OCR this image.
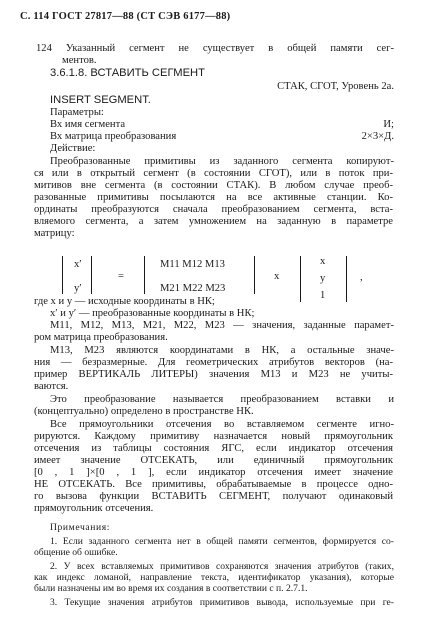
С. 114 ГОСТ 27817—88 (СТ СЭВ 6177—88)
124 Указанный сегмент не существует в общей памяти сег-
ментов.
3.6.1.8. ВСТАВИТЬ СЕГМЕНТ
СТАК, СГОТ, Уровень 2а.
INSERT SEGMENT.
Параметры:
Вх имя сегмента	И;
Вх матрица преобразования	2×3×Д.
Действие:
Преобразованные примитивы из заданного сегмента копируют-
ся или в открытый сегмент (в состоянии СГОТ), или в поток при-
митивов вне сегмента (в состоянии СТАК). В любом случае преоб-
разованные примитивы посылаются на все активные станции. Ко-
ординаты преобразуются сначала преобразованием сегмента, вста-
вляемого сегмента, а затем умножением на заданную в параметре
матрицу:
x′
y′
=
M11 M12 M13
M21 M22 M23
x
x
y
1
,
где x и y — исходные координаты в НК;
x′ и y′ — преобразованные координаты в НК;
M11, M12, M13, M21, M22, M23 — значения, заданные парамет-
ром матрица преобразования.
M13, M23 являются координатами в НК, а остальные значе-
ния — безразмерные. Для геометрических атрибутов векторов (на-
пример ВЕРТИКАЛЬ ЛИТЕРЫ) значения M13 и M23 не учиты-
ваются.
Это преобразование называется преобразованием вставки и
(концептуально) определено в пространстве НК.
Все прямоугольники отсечения во вставляемом сегменте игно-
рируются. Каждому примитиву назначается новый прямоугольник
отсечения из таблицы состояния ЯГС, если индикатор отсечения
имеет значение ОТСЕКАТЬ, или единичный прямоугольник
[0 , 1 ]×[0 , 1 ], если индикатор отсечения имеет значение
НЕ ОТСЕКАТЬ. Все примитивы, обрабатываемые в процессе одно-
го вызова функции ВСТАВИТЬ СЕГМЕНТ, получают одинаковый
прямоугольник отсечения.
Примечания:
1. Если заданного сегмента нет в общей памяти сегментов, формируется со-
общение об ошибке.
2. У всех вставляемых примитивов сохраняются значения атрибутов (таких,
как индекс ломаной, направление текста, идентификатор указания), которые
были назначены им во время их создания в соответствии с п. 2.7.1.
3. Текущие значения атрибутов примитивов вывода, используемые при ге-
